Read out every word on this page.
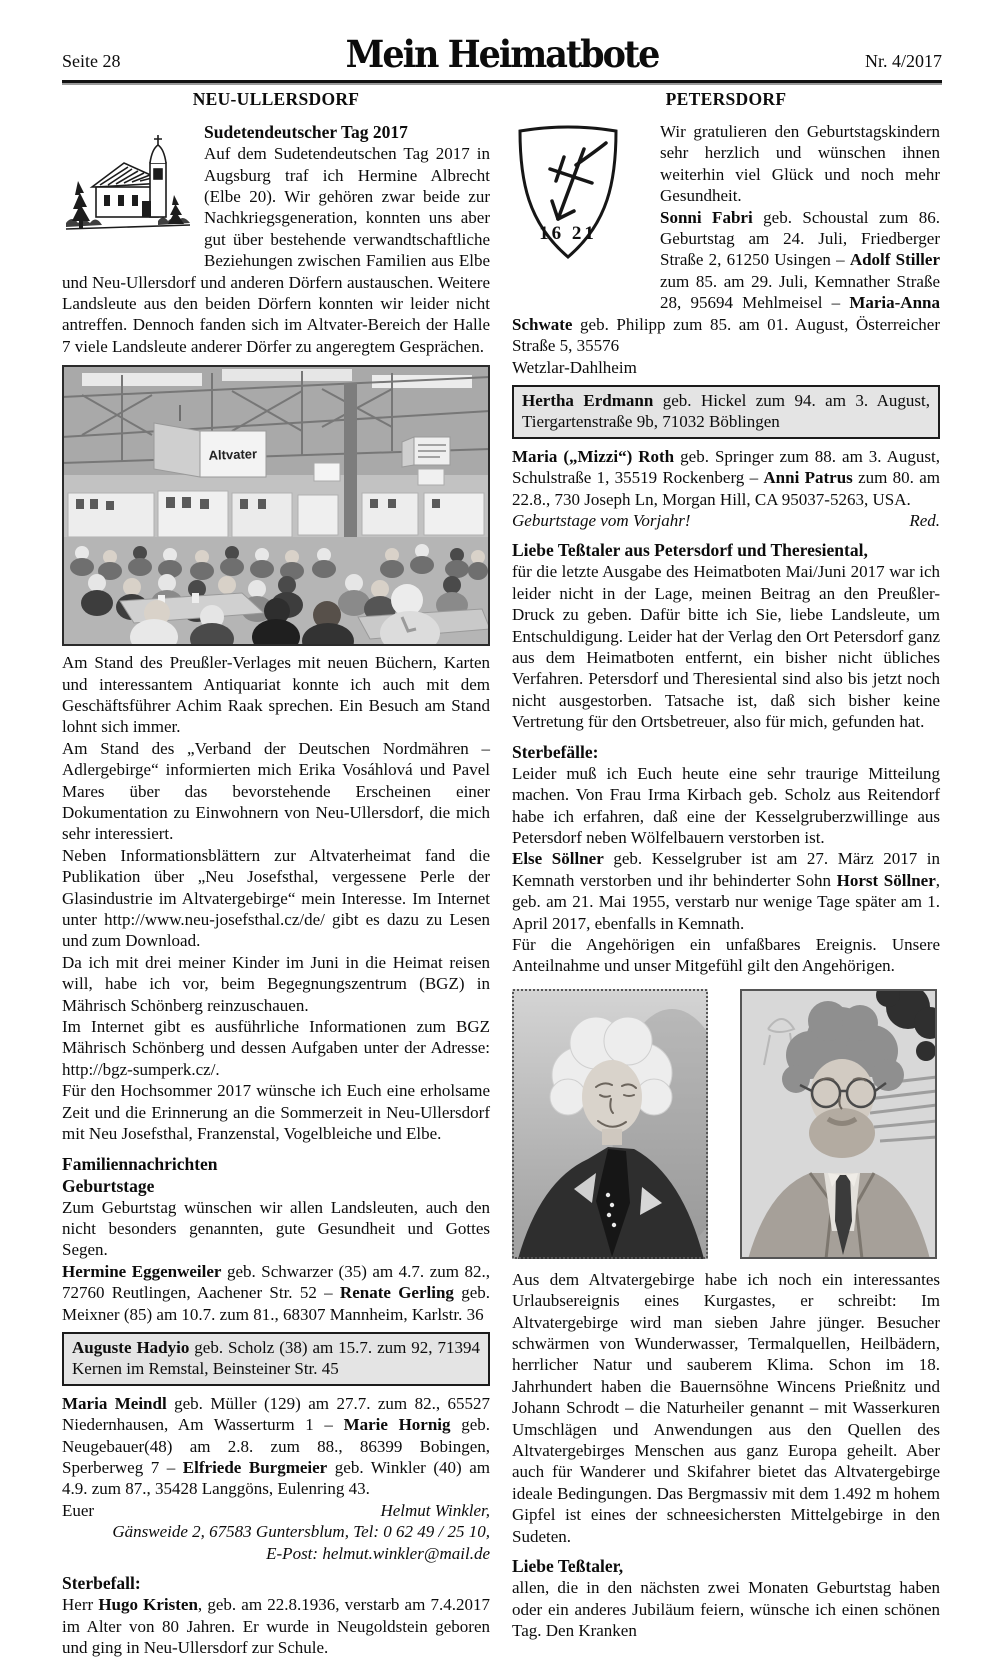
Seite 28	Mein Heimatbote	Nr. 4/2017
NEU-ULLERSDORF
Sudetendeutscher Tag 2017

Auf dem Sudetendeutschen Tag 2017 in Augsburg traf ich Hermine Albrecht (Elbe 20). Wir gehören zwar beide zur Nachkriegsgeneration, konnten uns aber gut über bestehende verwandtschaftliche Beziehungen zwischen Familien aus Elbe und Neu-Ullersdorf und anderen Dörfern austauschen. Weitere Landsleute aus den beiden Dörfern konnten wir leider nicht antreffen. Dennoch fanden sich im Altvater-Bereich der Halle 7 viele Landsleute anderer Dörfer zu angeregtem Gesprächen.

Altvater

Am Stand des Preußler-Verlages mit neuen Büchern, Karten und interessantem Antiquariat konnte ich auch mit dem Geschäftsführer Achim Raak sprechen. Ein Besuch am Stand lohnt sich immer.

Am Stand des „Verband der Deutschen Nordmähren – Adlergebirge“ informierten mich Erika Vosáhlová und Pavel Mares über das bevorstehende Erscheinen einer Dokumentation zu Einwohnern von Neu-Ullersdorf, die mich sehr interessiert.

Neben Informationsblättern zur Altvaterheimat fand die Publikation über „Neu Josefsthal, vergessene Perle der Glasindustrie im Altvatergebirge“ mein Interesse. Im Internet unter http://www.neu-josefsthal.cz/de/ gibt es dazu zu Lesen und zum Download.

Da ich mit drei meiner Kinder im Juni in die Heimat reisen will, habe ich vor, beim Begegnungszentrum (BGZ) in Mährisch Schönberg reinzuschauen.

Im Internet gibt es ausführliche Informationen zum BGZ Mährisch Schönberg und dessen Aufgaben unter der Adresse: http://bgz-sumperk.cz/.

Für den Hochsommer 2017 wünsche ich Euch eine erholsame Zeit und die Erinnerung an die Sommerzeit in Neu-Ullersdorf mit Neu Josefsthal, Franzenstal, Vogelbleiche und Elbe.

Familiennachrichten
Geburtstage

Zum Geburtstag wünschen wir allen Landsleuten, auch den nicht besonders genannten, gute Gesundheit und Gottes Segen.

Hermine Eggenweiler geb. Schwarzer (35) am 4.7. zum 82., 72760 Reutlingen, Aachener Str. 52 – Renate Gerling geb. Meixner (85) am 10.7. zum 81., 68307 Mannheim, Karlstr. 36

Auguste Hadyio geb. Scholz (38) am 15.7. zum 92, 71394 Kernen im Remstal, Beinsteiner Str. 45

Maria Meindl geb. Müller (129) am 27.7. zum 82., 65527 Niedernhausen, Am Wasserturm 1 – Marie Hornig geb. Neugebauer(48) am 2.8. zum 88., 86399 Bobingen, Sperberweg 7 – Elfriede Burgmeier geb. Winkler (40) am 4.9. zum 87., 35428 Langgöns, Eulenring 43.

Euer	Helmut Winkler,

Gänsweide 2, 67583 Guntersblum, Tel: 0 62 49 / 25 10,

E-Post: helmut.winkler@mail.de

Sterbefall:

Herr Hugo Kristen, geb. am 22.8.1936, verstarb am 7.4.2017 im Alter von 80 Jahren. Er wurde in Neugoldstein geboren und ging in Neu-Ullersdorf zur Schule.

PETERSDORF
16 21

Wir gratulieren den Geburtstagskindern sehr herzlich und wünschen ihnen weiterhin viel Glück und noch mehr Gesundheit.

Sonni Fabri geb. Schoustal zum 86. Geburtstag am 24. Juli, Friedberger Straße 2, 61250 Usingen – Adolf Stiller zum 85. am 29. Juli, Kemnather Straße 28, 95694 Mehlmeisel – Maria-Anna Schwate geb. Philipp zum 85. am 01. August, Österreicher Straße 5, 35576

Wetzlar-Dahlheim

Hertha Erdmann geb. Hickel zum 94. am 3. August, Tiergartenstraße 9b, 71032 Böblingen

Maria („Mizzi“) Roth geb. Springer zum 88. am 3. August, Schulstraße 1, 35519 Rockenberg – Anni Patrus zum 80. am 22.8., 730 Joseph Ln, Morgan Hill, CA 95037-5263, USA.

Geburtstage vom Vorjahr!	Red.
Liebe Teßtaler aus Petersdorf und Theresiental,

für die letzte Ausgabe des Heimatboten Mai/Juni 2017 war ich leider nicht in der Lage, meinen Beitrag an den Preußler-Druck zu geben. Dafür bitte ich Sie, liebe Landsleute, um Entschuldigung. Leider hat der Verlag den Ort Petersdorf ganz aus dem Heimatboten entfernt, ein bisher nicht übliches Verfahren. Petersdorf und Theresiental sind also bis jetzt noch nicht ausgestorben. Tatsache ist, daß sich bisher keine Vertretung für den Ortsbetreuer, also für mich, gefunden hat.

Sterbefälle:

Leider muß ich Euch heute eine sehr traurige Mitteilung machen. Von Frau Irma Kirbach geb. Scholz aus Reitendorf habe ich erfahren, daß eine der Kesselgruberzwillinge aus Petersdorf neben Wölfelbauern verstorben ist.

Else Söllner geb. Kesselgruber ist am 27. März 2017 in Kemnath verstorben und ihr behinderter Sohn Horst Söllner, geb. am 21. Mai 1955, verstarb nur wenige Tage später am 1. April 2017, ebenfalls in Kemnath.

Für die Angehörigen ein unfaßbares Ereignis. Unsere Anteilnahme und unser Mitgefühl gilt den Angehörigen.

Aus dem Altvatergebirge habe ich noch ein interessantes Urlaubsereignis eines Kurgastes, er schreibt: Im Altvatergebirge wird man sieben Jahre jünger. Besucher schwärmen von Wunderwasser, Termalquellen, Heilbädern, herrlicher Natur und sauberem Klima. Schon im 18. Jahrhundert haben die Bauernsöhne Wincens Prießnitz und Johann Schrodt – die Naturheiler genannt – mit Wasserkuren Umschlägen und Anwendungen aus den Quellen des Altvatergebirges Menschen aus ganz Europa geheilt. Aber auch für Wanderer und Skifahrer bietet das Altvatergebirge ideale Bedingungen. Das Bergmassiv mit dem 1.492 m hohem Gipfel ist eines der schneesichersten Mittelgebirge in den Sudeten.

Liebe Teßtaler,

allen, die in den nächsten zwei Monaten Geburtstag haben oder ein anderes Jubiläum feiern, wünsche ich einen schönen Tag. Den Kranken
